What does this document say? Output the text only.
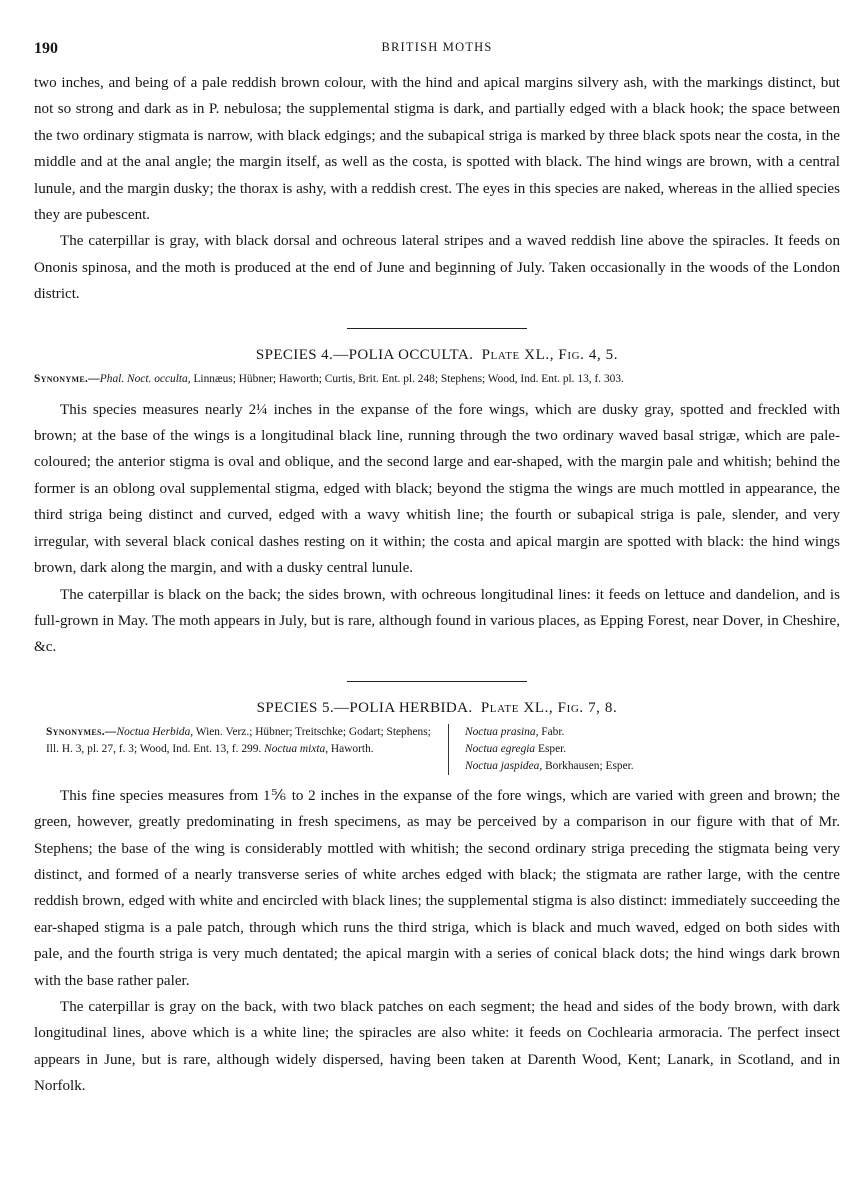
190	BRITISH MOTHS

two inches, and being of a pale reddish brown colour, with the hind and apical margins silvery ash, with the markings distinct, but not so strong and dark as in P. nebulosa; the supplemental stigma is dark, and partially edged with a black hook; the space between the two ordinary stigmata is narrow, with black edgings; and the subapical striga is marked by three black spots near the costa, in the middle and at the anal angle; the margin itself, as well as the costa, is spotted with black. The hind wings are brown, with a central lunule, and the margin dusky; the thorax is ashy, with a reddish crest. The eyes in this species are naked, whereas in the allied species they are pubescent.

The caterpillar is gray, with black dorsal and ochreous lateral stripes and a waved reddish line above the spiracles. It feeds on Ononis spinosa, and the moth is produced at the end of June and beginning of July. Taken occasionally in the woods of the London district.

SPECIES 4.—POLIA OCCULTA. Plate XL., Fig. 4, 5.
Synonyme.—Phal. Noct. occulta, Linnæus; Hübner; Haworth; Curtis, Brit. Ent. pl. 248; Stephens; Wood, Ind. Ent. pl. 13, f. 303.

This species measures nearly 2¼ inches in the expanse of the fore wings, which are dusky gray, spotted and freckled with brown; at the base of the wings is a longitudinal black line, running through the two ordinary waved basal strigæ, which are pale-coloured; the anterior stigma is oval and oblique, and the second large and ear-shaped, with the margin pale and whitish; behind the former is an oblong oval supplemental stigma, edged with black; beyond the stigma the wings are much mottled in appearance, the third striga being distinct and curved, edged with a wavy whitish line; the fourth or subapical striga is pale, slender, and very irregular, with several black conical dashes resting on it within; the costa and apical margin are spotted with black: the hind wings brown, dark along the margin, and with a dusky central lunule.

The caterpillar is black on the back; the sides brown, with ochreous longitudinal lines: it feeds on lettuce and dandelion, and is full-grown in May. The moth appears in July, but is rare, although found in various places, as Epping Forest, near Dover, in Cheshire, &c.

SPECIES 5.—POLIA HERBIDA. Plate XL., Fig. 7, 8.
Synonymes.—Noctua Herbida, Wien. Verz.; Hübner; Treitschke; Godart; Stephens; Ill. H. 3, pl. 27, f. 3; Wood, Ind. Ent. 13, f. 299. Noctua mixta, Haworth.
Noctua prasina, Fabr.
Noctua egregia Esper.
Noctua jaspidea, Borkhausen; Esper.

This fine species measures from 1⅚ to 2 inches in the expanse of the fore wings, which are varied with green and brown; the green, however, greatly predominating in fresh specimens, as may be perceived by a comparison in our figure with that of Mr. Stephens; the base of the wing is considerably mottled with whitish; the second ordinary striga preceding the stigmata being very distinct, and formed of a nearly transverse series of white arches edged with black; the stigmata are rather large, with the centre reddish brown, edged with white and encircled with black lines; the supplemental stigma is also distinct: immediately succeeding the ear-shaped stigma is a pale patch, through which runs the third striga, which is black and much waved, edged on both sides with pale, and the fourth striga is very much dentated; the apical margin with a series of conical black dots; the hind wings dark brown with the base rather paler.

The caterpillar is gray on the back, with two black patches on each segment; the head and sides of the body brown, with dark longitudinal lines, above which is a white line; the spiracles are also white: it feeds on Cochlearia armoracia. The perfect insect appears in June, but is rare, although widely dispersed, having been taken at Darenth Wood, Kent; Lanark, in Scotland, and in Norfolk.
